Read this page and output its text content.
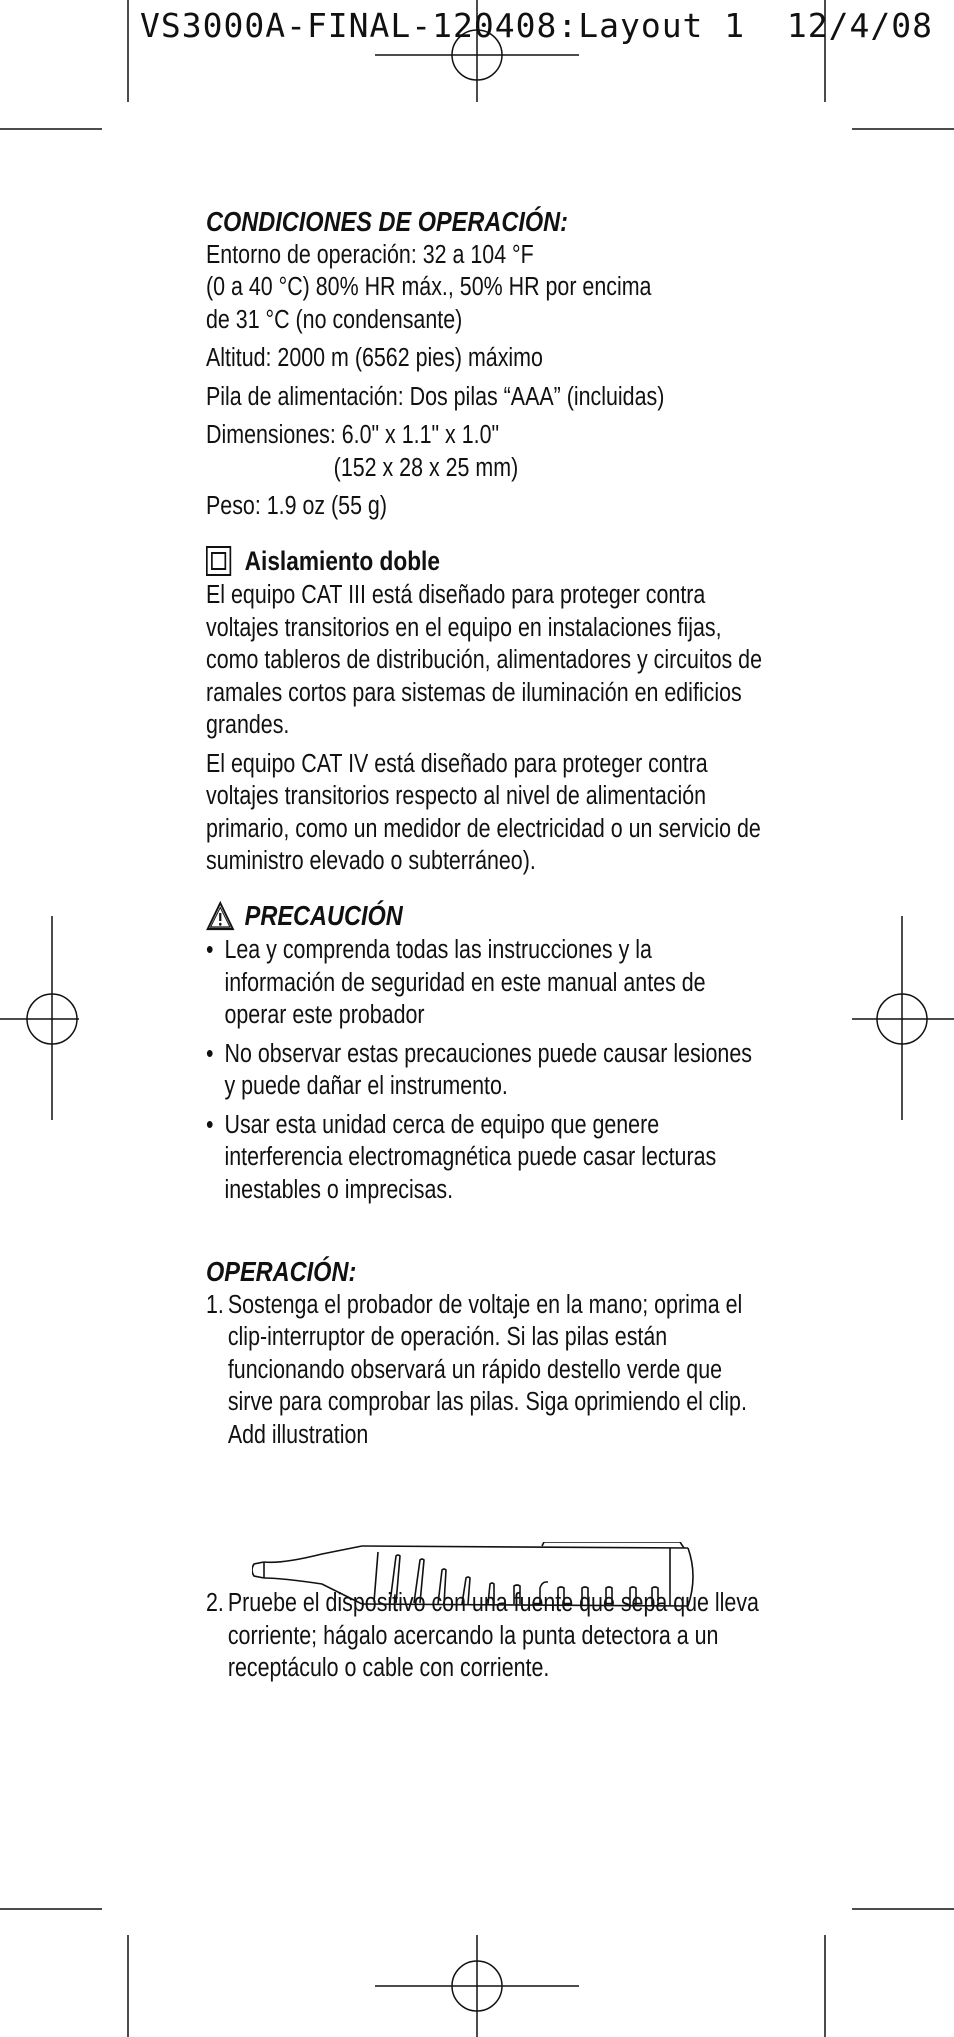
VS3000A-FINAL-120408:Layout 1  12/4/08

CONDICIONES DE OPERACIÓN:

Entorno de operación: 32 a 104 °F

(0 a 40 °C) 80% HR máx., 50% HR por encima

de 31 °C (no condensante)

Altitud: 2000 m (6562 pies) máximo

Pila de alimentación: Dos pilas “AAA” (incluidas)

Dimensiones: 6.0" x 1.1" x 1.0"

(152 x 28 x 25 mm)

Peso: 1.9 oz (55 g)

Aislamiento doble

El equipo CAT III está diseñado para proteger contra voltajes transitorios en el equipo en instalaciones fijas, como tableros de distribución, alimentadores y circuitos de ramales cortos para sistemas de iluminación en edificios grandes.

El equipo CAT IV está diseñado para proteger contra voltajes transitorios respecto al nivel de alimentación primario, como un medidor de electricidad o un servicio de suministro elevado o subterráneo).

PRECAUCIÓN
• Lea y comprenda todas las instrucciones y la información de seguridad en este manual antes de operar este probador
• No observar estas precauciones puede causar lesiones y puede dañar el instrumento.
• Usar esta unidad cerca de equipo que genere interferencia electromagnética puede casar lecturas inestables o imprecisas.

OPERACIÓN:

1. Sostenga el probador de voltaje en la mano; oprima el clip-interruptor de operación. Si las pilas están funcionando observará un rápido destello verde que sirve para comprobar las pilas. Siga oprimiendo el clip. Add illustration
2. Pruebe el dispositivo con una fuente que sepa que lleva corriente; hágalo acercando la punta detectora a un receptáculo o cable con corriente.
